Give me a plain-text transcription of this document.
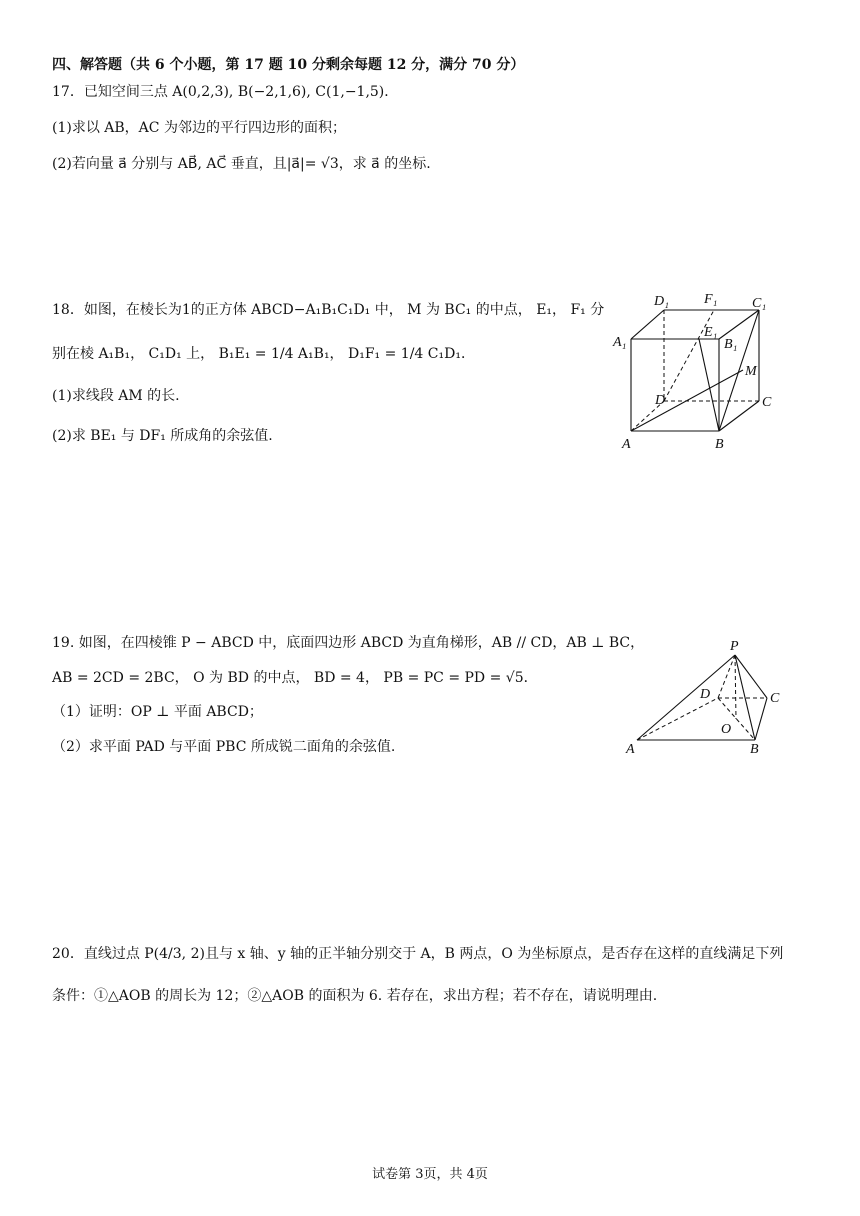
四、解答题（共 6 个小题，第 17 题 10 分剩余每题 12 分，满分 70 分）
17．已知空间三点 A(0,2,3), B(−2,1,6), C(1,−1,5)．
(1)求以 AB，AC 为邻边的平行四边形的面积；
(2)若向量 a⃗ 分别与 AB⃗, AC⃗ 垂直，且|a⃗|= √3，求 a⃗ 的坐标.
18．如图，在棱长为1的正方体 ABCD−A₁B₁C₁D₁ 中， M 为 BC₁ 的中点， E₁， F₁ 分
别在棱 A₁B₁， C₁D₁ 上， B₁E₁ = 1/4 A₁B₁， D₁F₁ = 1/4 C₁D₁．
(1)求线段 AM 的长.
(2)求 BE₁ 与 DF₁ 所成角的余弦值.
D₁	F₁ C₁
A₁
E₁
B₁
M
D	C
A	B
19. 如图，在四棱锥 P − ABCD 中，底面四边形 ABCD 为直角梯形，AB // CD，AB ⊥ BC，
AB = 2CD = 2BC， O 为 BD 的中点， BD = 4， PB = PC = PD = √5．
（1）证明：OP ⊥ 平面 ABCD；
（2）求平面 PAD 与平面 PBC 所成锐二面角的余弦值.
P
D	C
O
A	B
20．直线过点 P(4/3, 2)且与 x 轴、y 轴的正半轴分别交于 A，B 两点，O 为坐标原点，是否存在这样的直线满足下列
条件：①△AOB 的周长为 12；②△AOB 的面积为 6. 若存在，求出方程；若不存在，请说明理由.
试卷第 3页，共 4页
